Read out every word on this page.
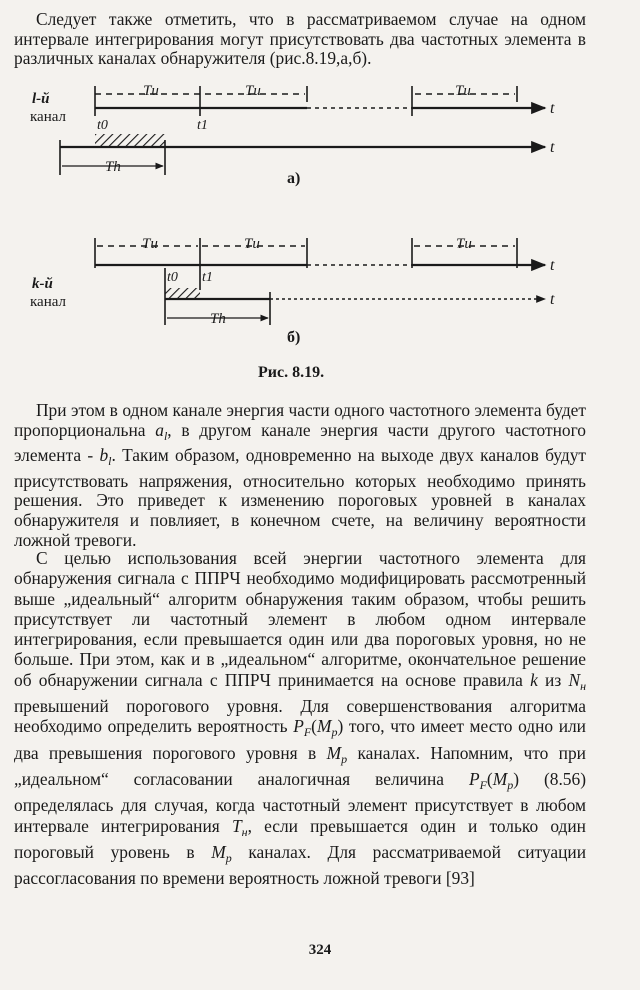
Следует также отметить, что в рассматриваемом случае на одном интервале интегрирования могут присутствовать два частотных элемента в различных каналах обнаружителя (рис.8.19,а,б).

l-й
канал
Tи	Tи	Tи
t
t0	t1
t
Th
а)
Tи	Tи	Tи
t
k-й
канал
t0 t1
t
Th
б)
Рис. 8.19.

При этом в одном канале энергия части одного частотного элемента будет пропорциональна $a_l$, в другом канале энергия части другого частотного элемента - $b_l$. Таким образом, одновременно на выходе двух каналов будут присутствовать напряжения, относительно которых необходимо принять решения. Это приведет к изменению пороговых уровней в каналах обнаружителя и повлияет, в конечном счете, на величину вероятности ложной тревоги.

С целью использования всей энергии частотного элемента для обнаружения сигнала с ППРЧ необходимо модифицировать рассмотренный выше „идеальный“ алгоритм обнаружения таким образом, чтобы решить присутствует ли частотный элемент в любом одном интервале интегрирования, если превышается один или два пороговых уровня, но не больше. При этом, как и в „идеальном“ алгоритме, окончательное решение об обнаружении сигнала с ППРЧ принимается на основе правила k из $N_н$ превышений порогового уровня. Для совершенствования алгоритма необходимо определить вероятность $P_F(M_p)$ того, что имеет место одно или два превышения порогового уровня в $M_p$ каналах. Напомним, что при „идеальном“ согласовании аналогичная величина $P_F(M_p)$ (8.56) определялась для случая, когда частотный элемент присутствует в любом интервале интегрирования $T_н$, если превышается один и только один пороговый уровень в $M_p$ каналах. Для рассматриваемой ситуации рассогласования по времени вероятность ложной тревоги [93]

324
